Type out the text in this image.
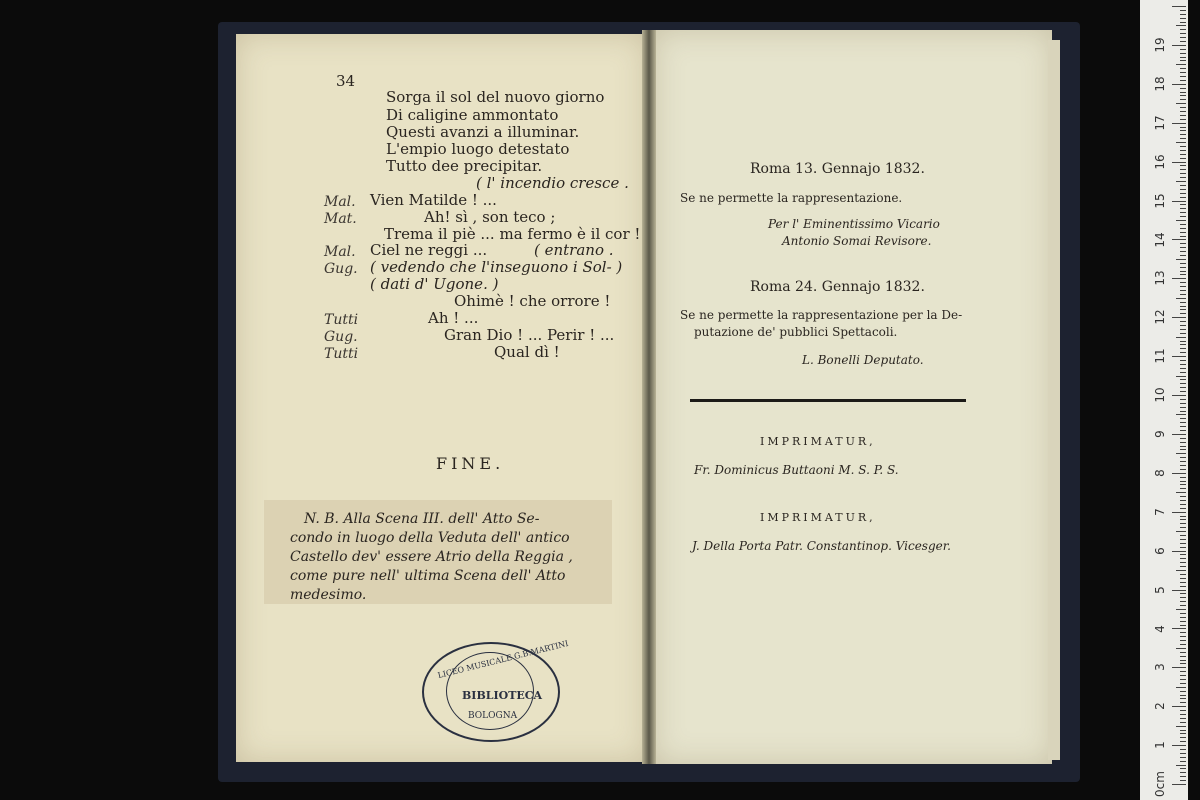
34
Sorga il sol del nuovo giorno
Di caligine ammontato
Questi avanzi a illuminar.
L'empio luogo detestato
Tutto dee precipitar.
( l' incendio cresce .
Mal. Vien Matilde ! ...
Mat.	Ah! sì , son teco ;
Trema il piè ... ma fermo è il cor !
Mal. Ciel ne reggi ...	( entrano .
Gug. ( vedendo che l'inseguono i Sol- )
( dati d' Ugone. )
Ohimè ! che orrore !
Tutti	Ah ! ...
Gug.	Gran Dio ! ... Perir ! ...
Tutti	Qual dì !
FINE.
N. B. Alla Scena III. dell' Atto Se-
condo in luogo della Veduta dell' antico
Castello dev' essere Atrio della Reggia ,
come pure nell' ultima Scena dell' Atto
medesimo.
LICEO MUSICALE G.B.MARTINI
BIBLIOTECA
BOLOGNA
Roma 13. Gennajo 1832.
Se ne permette la rappresentazione.
Per l' Eminentissimo Vicario
Antonio Somai Revisore.
Roma 24. Gennajo 1832.
Se ne permette la rappresentazione per la De-
putazione de' pubblici Spettacoli.
L. Bonelli Deputato.
IMPRIMATUR,
Fr. Dominicus Buttaoni M. S. P. S.
IMPRIMATUR,
J. Della Porta Patr. Constantinop. Vicesger.
19
18
17
16
15
14
13
12
11
10
9
8
7
6
5
4
3
2
1
0cm
